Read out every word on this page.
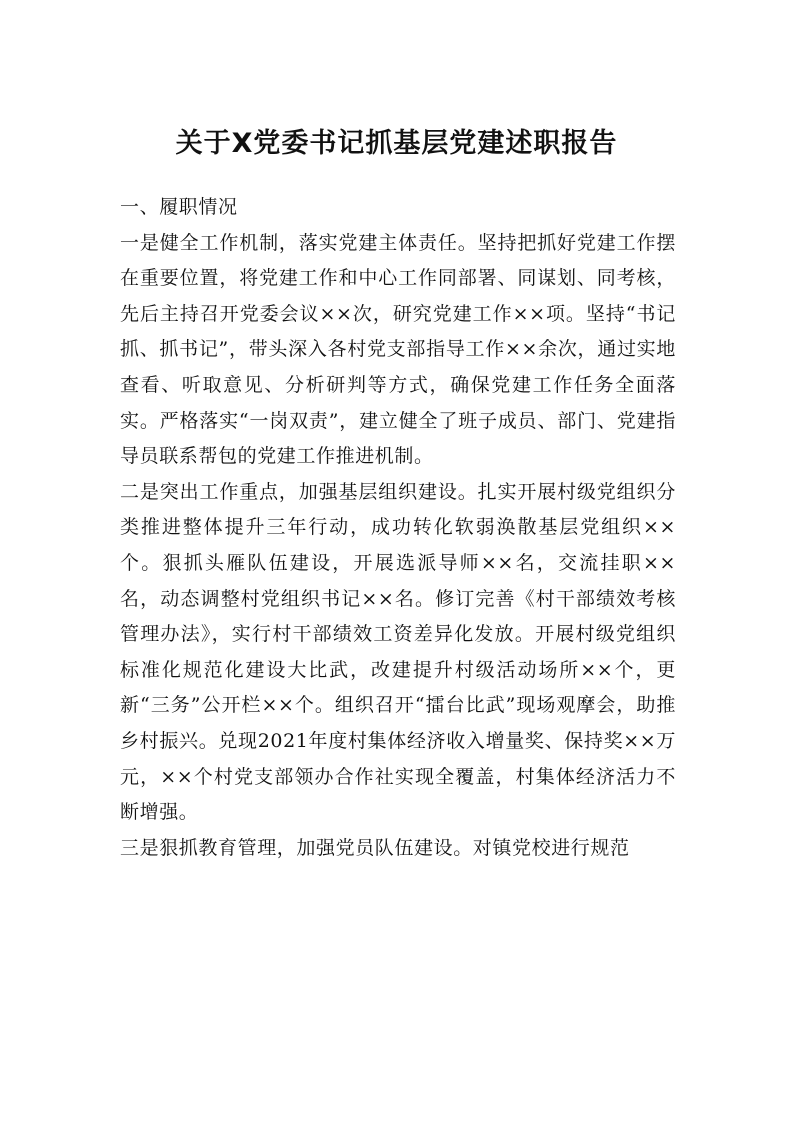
关于X党委书记抓基层党建述职报告

一、履职情况

一是健全工作机制，落实党建主体责任。坚持把抓好党建工作摆在重要位置，将党建工作和中心工作同部署、同谋划、同考核，先后主持召开党委会议××次，研究党建工作××项。坚持“书记抓、抓书记”，带头深入各村党支部指导工作××余次，通过实地查看、听取意见、分析研判等方式，确保党建工作任务全面落实。严格落实“一岗双责”，建立健全了班子成员、部门、党建指导员联系帮包的党建工作推进机制。

二是突出工作重点，加强基层组织建设。扎实开展村级党组织分类推进整体提升三年行动，成功转化软弱涣散基层党组织××个。狠抓头雁队伍建设，开展选派导师××名，交流挂职××名，动态调整村党组织书记××名。修订完善《村干部绩效考核管理办法》，实行村干部绩效工资差异化发放。开展村级党组织标准化规范化建设大比武，改建提升村级活动场所××个，更新“三务”公开栏××个。组织召开“擂台比武”现场观摩会，助推乡村振兴。兑现2021年度村集体经济收入增量奖、保持奖××万元，××个村党支部领办合作社实现全覆盖，村集体经济活力不断增强。

三是狠抓教育管理，加强党员队伍建设。对镇党校进行规范
